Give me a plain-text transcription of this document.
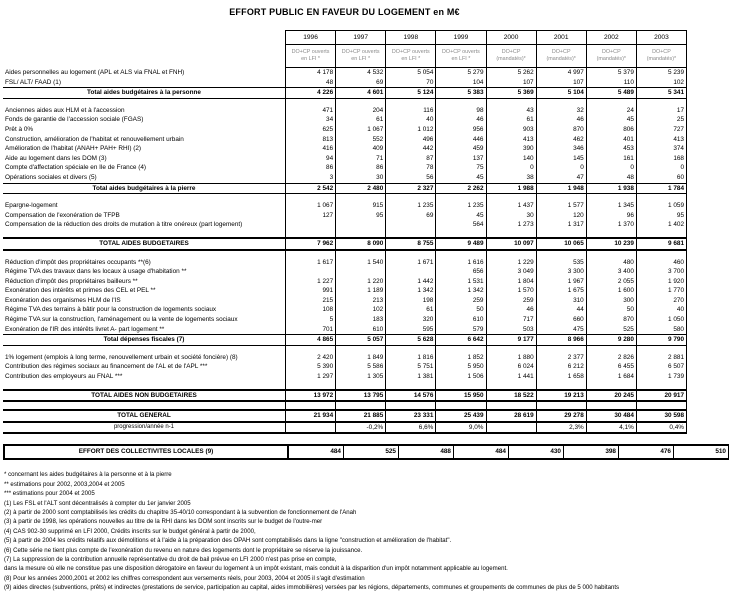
EFFORT PUBLIC EN FAVEUR DU LOGEMENT en M€
	1996	1997	1998	1999	2000	2001	2002	2003
	DO+CP ouverts en LFI *	DO+CP ouverts en LFI *	DO+CP ouverts en LFI *	DO+CP ouverts en LFI *	DO+CP (mandatés)*	DO+CP (mandatés)*	DO+CP (mandatés)*	DO+CP (mandatés)*
Aides personnelles au logement (APL et ALS via FNAL et FNH)	4 178	4 532	5 054	5 279	5 262	4 997	5 379	5 239
FSL/ ALT/ FAAD (1)	48	69	70	104	107	107	110	102
Total aides budgétaires à la personne	4 226	4 601	5 124	5 383	5 369	5 104	5 489	5 341

Anciennes aides aux HLM et à l'accession	471	204	116	98	43	32	24	17
Fonds de garantie de l'accession sociale (FGAS)	34	61	40	46	61	46	45	25
Prêt à 0%	625	1 067	1 012	956	903	870	806	727
Construction, amélioration de l'habitat et renouvellement urbain	813	552	496	446	413	462	401	413
Amélioration de l'habitat (ANAH+ PAH+ RHI) (2)	416	409	442	459	390	346	453	374
Aide au logement dans les DOM (3)	94	71	87	137	140	145	161	168
Compte d'affectation spéciale en Ile de France (4)	86	86	78	75	0	0	0	0
Opérations sociales et divers (5)	3	30	56	45	38	47	48	60
Total aides budgétaires à la pierre	2 542	2 480	2 327	2 262	1 988	1 948	1 938	1 784

Epargne-logement	1 067	915	1 235	1 235	1 437	1 577	1 345	1 059
Compensation de l'exonération de TFPB	127	95	69	45	30	120	96	95
Compensation de la réduction des droits de mutation à titre onéreux (part logement)				564	1 273	1 317	1 370	1 402

TOTAL AIDES BUDGETAIRES	7 962	8 090	8 755	9 489	10 097	10 065	10 239	9 681

Réduction d'impôt des propriétaires occupants **(6)	1 617	1 540	1 671	1 616	1 229	535	480	460
Régime TVA des travaux dans les locaux à usage d'habitation **				656	3 049	3 300	3 400	3 700
Réduction d'impôt des propriétaires bailleurs **	1 227	1 220	1 442	1 531	1 804	1 967	2 055	1 920
Exonération des intérêts et primes des CEL et PEL **	991	1 189	1 342	1 342	1 570	1 675	1 600	1 770
Exonération des organismes HLM de l'IS	215	213	198	259	259	310	300	270
Régime TVA des terrains à bâtir pour la construction de logements sociaux	108	102	61	50	46	44	50	40
Régime TVA sur la construction, l'aménagement ou la vente de logements sociaux	5	183	320	610	717	660	870	1 050
Exonération de l'IR des intérêts livret A- part logement **	701	610	595	579	503	475	525	580
Total dépenses fiscales (7)	4 865	5 057	5 628	6 642	9 177	8 966	9 280	9 790

1% logement (emplois à long terme, renouvellement urbain et société foncière) (8)	2 420	1 849	1 816	1 852	1 880	2 377	2 826	2 881
Contribution des régimes sociaux au financement de l'AL et de l'APL ***	5 390	5 586	5 751	5 950	6 024	6 212	6 455	6 507
Contribution des employeurs au FNAL ***	1 297	1 305	1 381	1 506	1 441	1 658	1 684	1 739

TOTAL AIDES NON BUDGETAIRES	13 972	13 795	14 576	15 950	18 522	19 213	20 245	20 917

TOTAL GENERAL	21 934	21 885	23 331	25 439	28 619	29 278	30 484	30 598
progression/année n-1		-0,2%	6,6%	9,0%		2,3%	4,1%	0,4%
EFFORT DES COLLECTIVITES LOCALES (9)	484	525	488	484	430	398	476	510
* concernant les aides budgétaires à la personne et à la pierre
** estimations pour 2002, 2003,2004 et 2005
*** estimations pour 2004 et 2005
(1) Les FSL et l'ALT sont décentralisés à compter du 1er janvier 2005
(2) à partir de 2000 sont comptabilisés les crédits du chapitre 35-40/10 correspondant à la subvention de fonctionnement de l'Anah
(3) à partir de 1998, les opérations nouvelles au titre de la RHI dans les DOM sont inscrits sur le budget de l'outre-mer
(4) CAS 902-30 supprimé en LFI 2000, Crédits inscrits sur le budget général à partir de 2000,
(5) à partir de 2004 les crédits relatifs aux démolitions et à l'aide à la préparation des OPAH sont comptabilisés dans la ligne "construction et amélioration de l'habitat".
(6) Cette série ne tient plus compte de l'exonération du revenu en nature des logements dont le propriétaire se réserve la jouissance.
(7) La suppression de la contribution annuelle représentative du droit de bail prévue en LFI 2000 n'est pas prise en compte,
dans la mesure où elle ne constitue pas une disposition dérogatoire en faveur du logement à un impôt existant, mais conduit à la disparition d'un impôt notamment applicable au logement.
(8) Pour les années 2000,2001 et 2002 les chiffres correspondent aux versements réels, pour 2003, 2004 et 2005 il s'agit d'estimation
(9) aides directes (subventions, prêts) et indirectes (prestations de service, participation au capital, aides immobilières) versées par les régions, départements, communes et groupements de communes de plus de 5 000 habitants
